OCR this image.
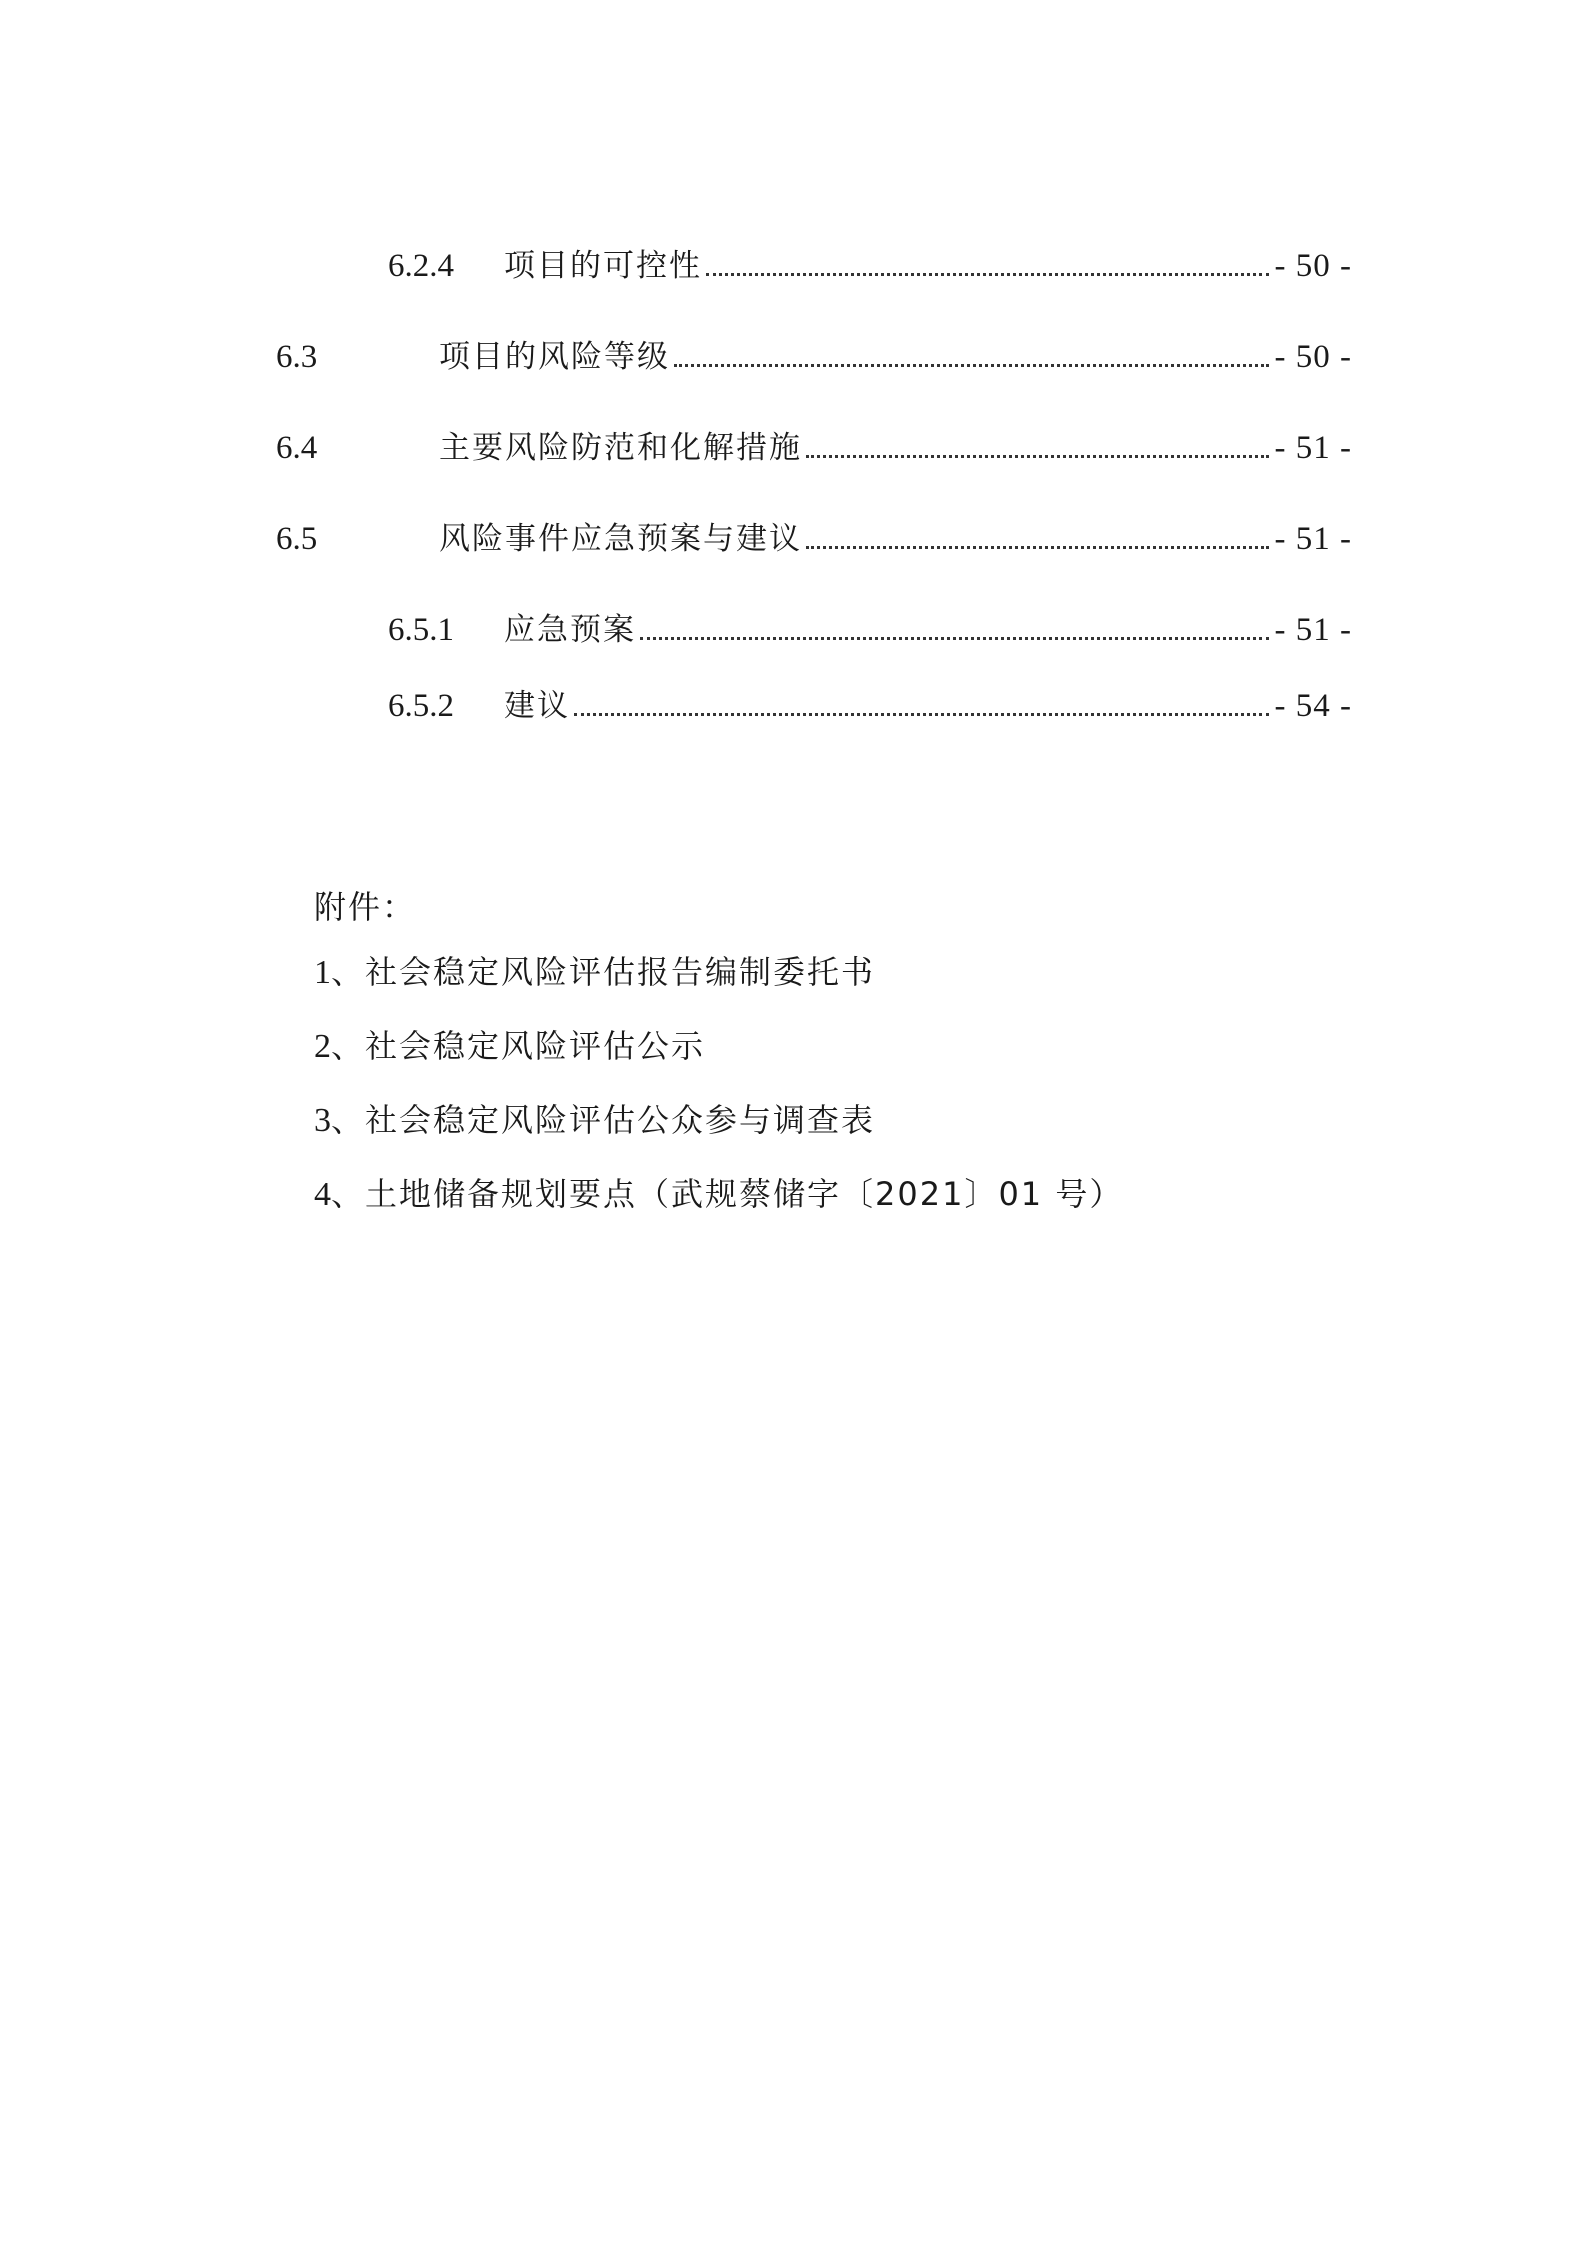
6.2.4	项目的可控性	- 50 -
6.3	项目的风险等级	- 50 -
6.4	主要风险防范和化解措施	- 51 -
6.5	风险事件应急预案与建议	- 51 -
6.5.1	应急预案	- 51 -
6.5.2	建议	- 54 -
附件：
1、社会稳定风险评估报告编制委托书
2、社会稳定风险评估公示
3、社会稳定风险评估公众参与调查表
4、土地储备规划要点（武规蔡储字〔2021〕01 号）
